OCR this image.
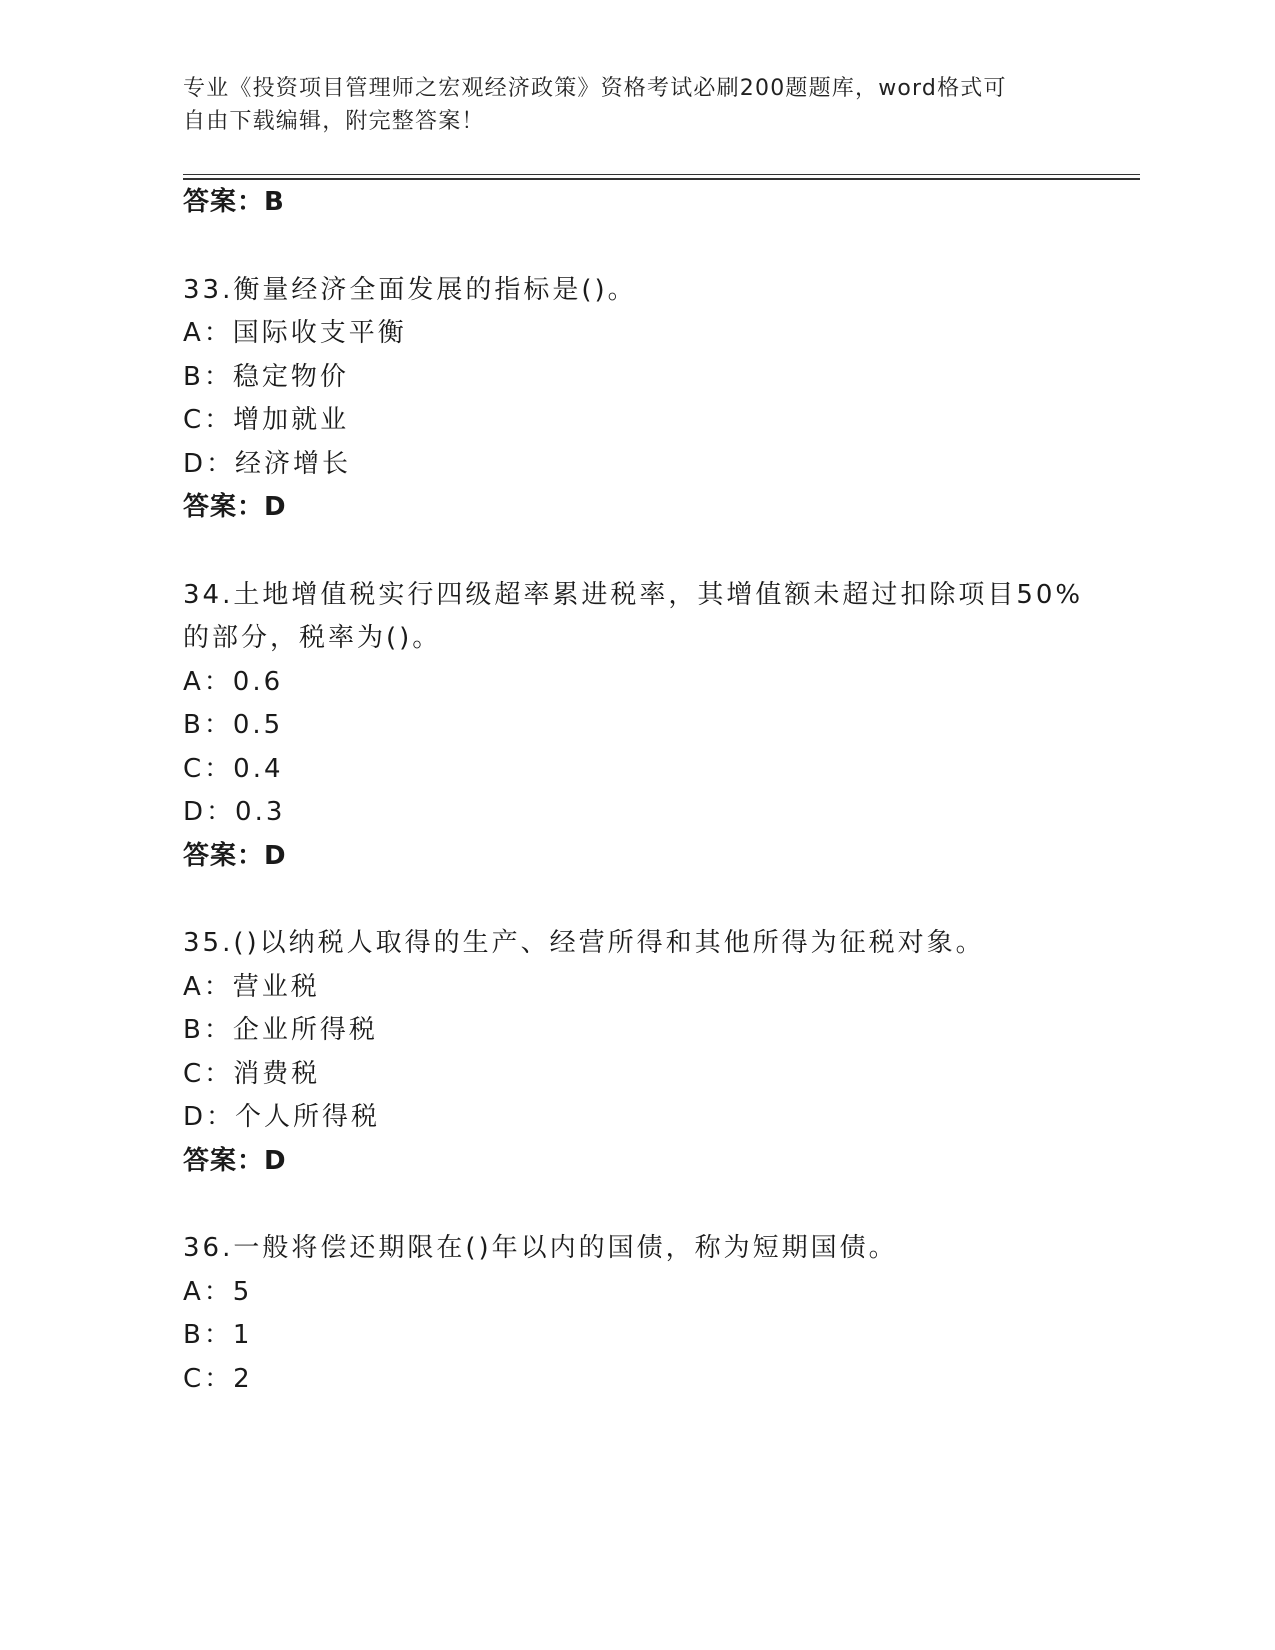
专业《投资项目管理师之宏观经济政策》资格考试必刷200题题库，word格式可
自由下载编辑，附完整答案！
答案：B
33.衡量经济全面发展的指标是()。
A：国际收支平衡
B：稳定物价
C：增加就业
D：经济增长
答案：D
34.土地增值税实行四级超率累进税率，其增值额未超过扣除项目50%
的部分，税率为()。
A：0.6
B：0.5
C：0.4
D：0.3
答案：D
35.()以纳税人取得的生产、经营所得和其他所得为征税对象。
A：营业税
B：企业所得税
C：消费税
D：个人所得税
答案：D
36.一般将偿还期限在()年以内的国债，称为短期国债。
A：5
B：1
C：2
